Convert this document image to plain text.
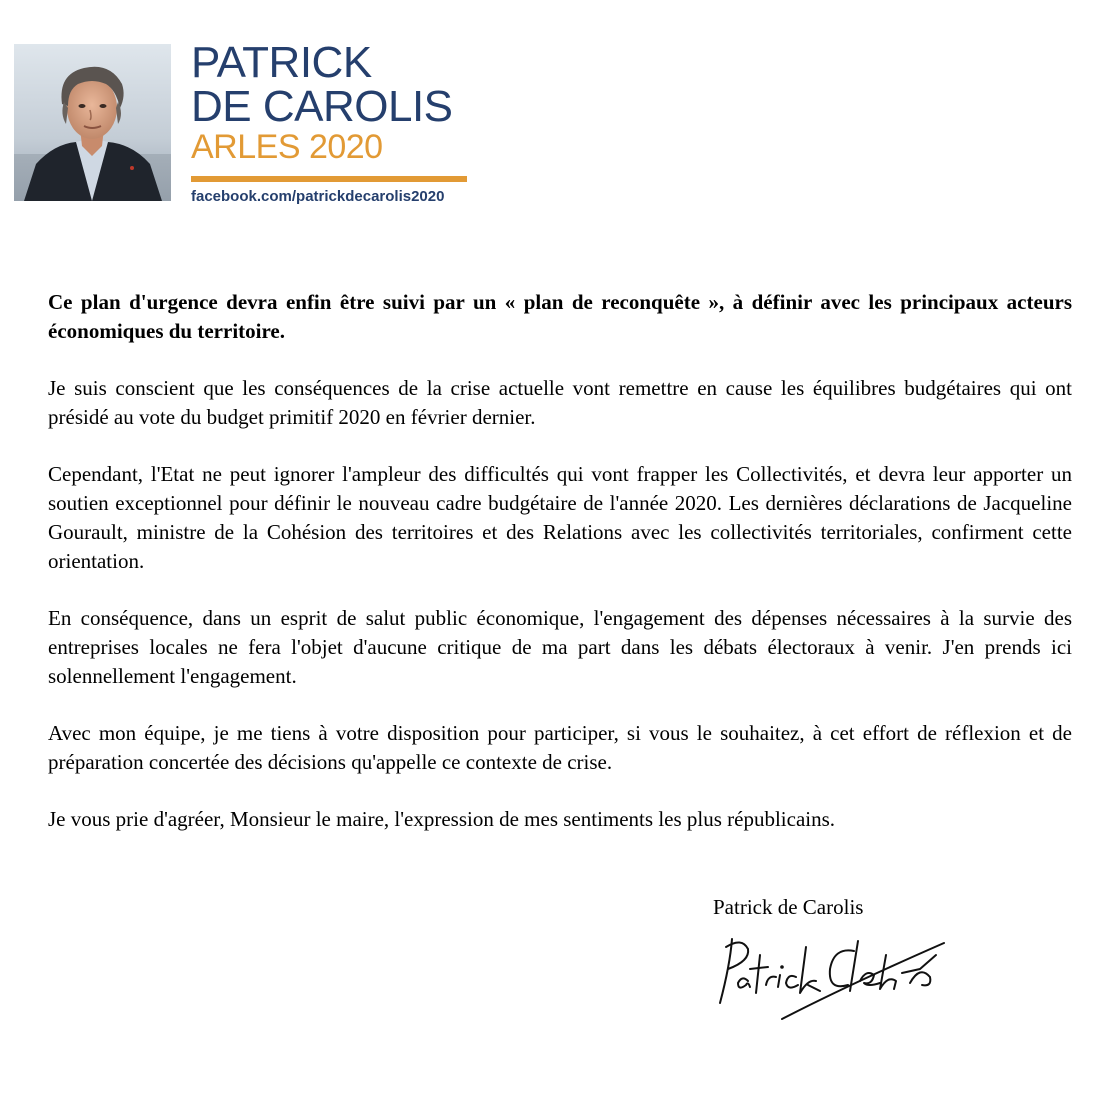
PATRICK
DE CAROLIS
ARLES 2020
facebook.com/patrickdecarolis2020

Ce plan d'urgence devra enfin être suivi par un « plan de reconquête », à définir avec les principaux acteurs économiques du territoire.

Je suis conscient que les conséquences de la crise actuelle vont remettre en cause les équilibres budgétaires qui ont présidé au vote du budget primitif 2020 en février dernier.

Cependant, l'Etat ne peut ignorer l'ampleur des difficultés qui vont frapper les Collectivités, et devra leur apporter un soutien exceptionnel pour définir le nouveau cadre budgétaire de l'année 2020. Les dernières déclarations de Jacqueline Gourault, ministre de la Cohésion des territoires et des Relations avec les collectivités territoriales, confirment cette orientation.

En conséquence, dans un esprit de salut public économique, l'engagement des dépenses nécessaires à la survie des entreprises locales ne fera l'objet d'aucune critique de ma part dans les débats électoraux à venir. J'en prends ici solennellement l'engagement.

Avec mon équipe, je me tiens à votre disposition pour participer, si vous le souhaitez, à cet effort de réflexion et de préparation concertée des décisions qu'appelle ce contexte de crise.

Je vous prie d'agréer, Monsieur le maire, l'expression de mes sentiments les plus républicains.

Patrick de Carolis
